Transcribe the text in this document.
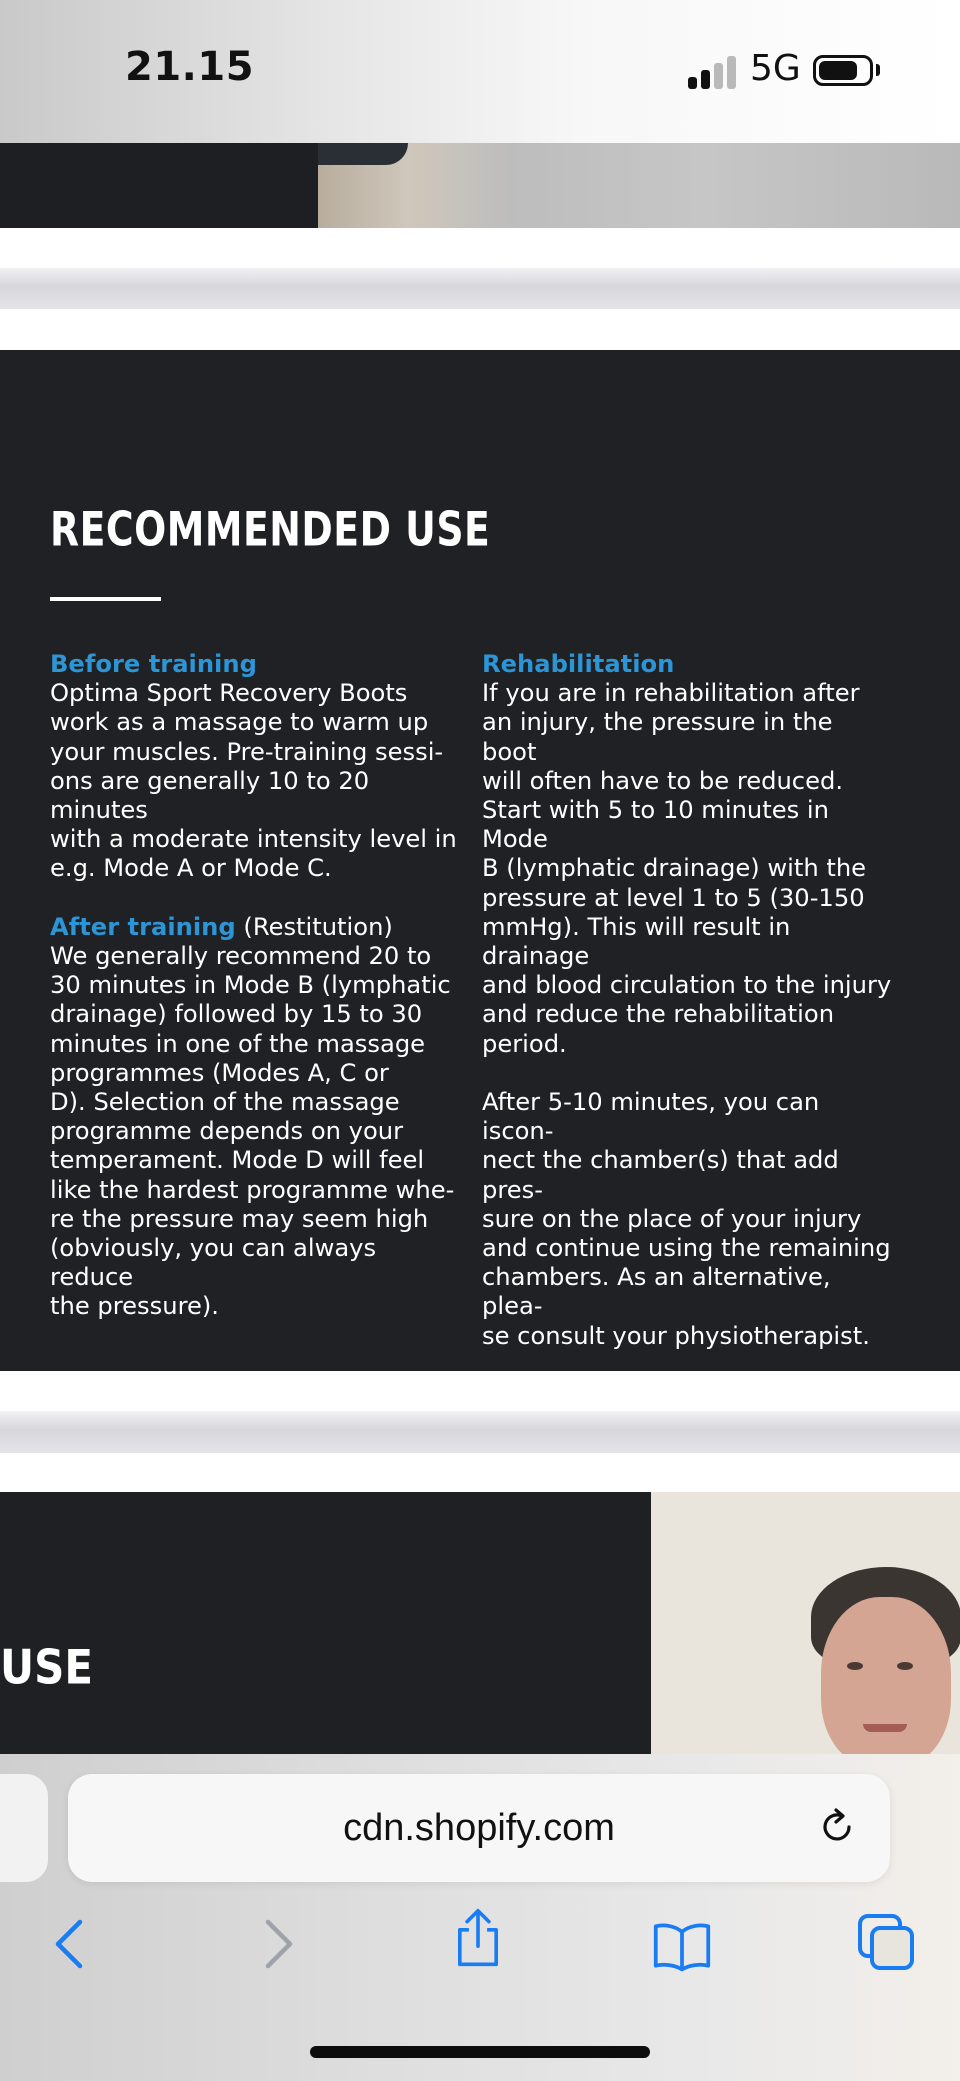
21.15	5G
RECOMMENDED USE
Before training

Optima Sport Recovery Boots

work as a massage to warm up

your muscles. Pre-training sessi-

ons are generally 10 to 20 minutes

with a moderate intensity level in

e.g. Mode A or Mode C.

After training (Restitution)

We generally recommend 20 to

30 minutes in Mode B (lymphatic

drainage) followed by 15 to 30

minutes in one of the massage

programmes (Modes A, C or

D). Selection of the massage

programme depends on your

temperament. Mode D will feel

like the hardest programme whe-

re the pressure may seem high

(obviously, you can always reduce

the pressure).

Rehabilitation

If you are in rehabilitation after

an injury, the pressure in the boot

will often have to be reduced.

Start with 5 to 10 minutes in Mode

B (lymphatic drainage) with the

pressure at level 1 to 5 (30-150

mmHg). This will result in drainage

and blood circulation to the injury

and reduce the rehabilitation

period.

After 5-10 minutes, you can iscon-

nect the chamber(s) that add pres-

sure on the place of your injury

and continue using the remaining

chambers. As an alternative, plea-

se consult your physiotherapist.

USE
cdn.shopify.com
